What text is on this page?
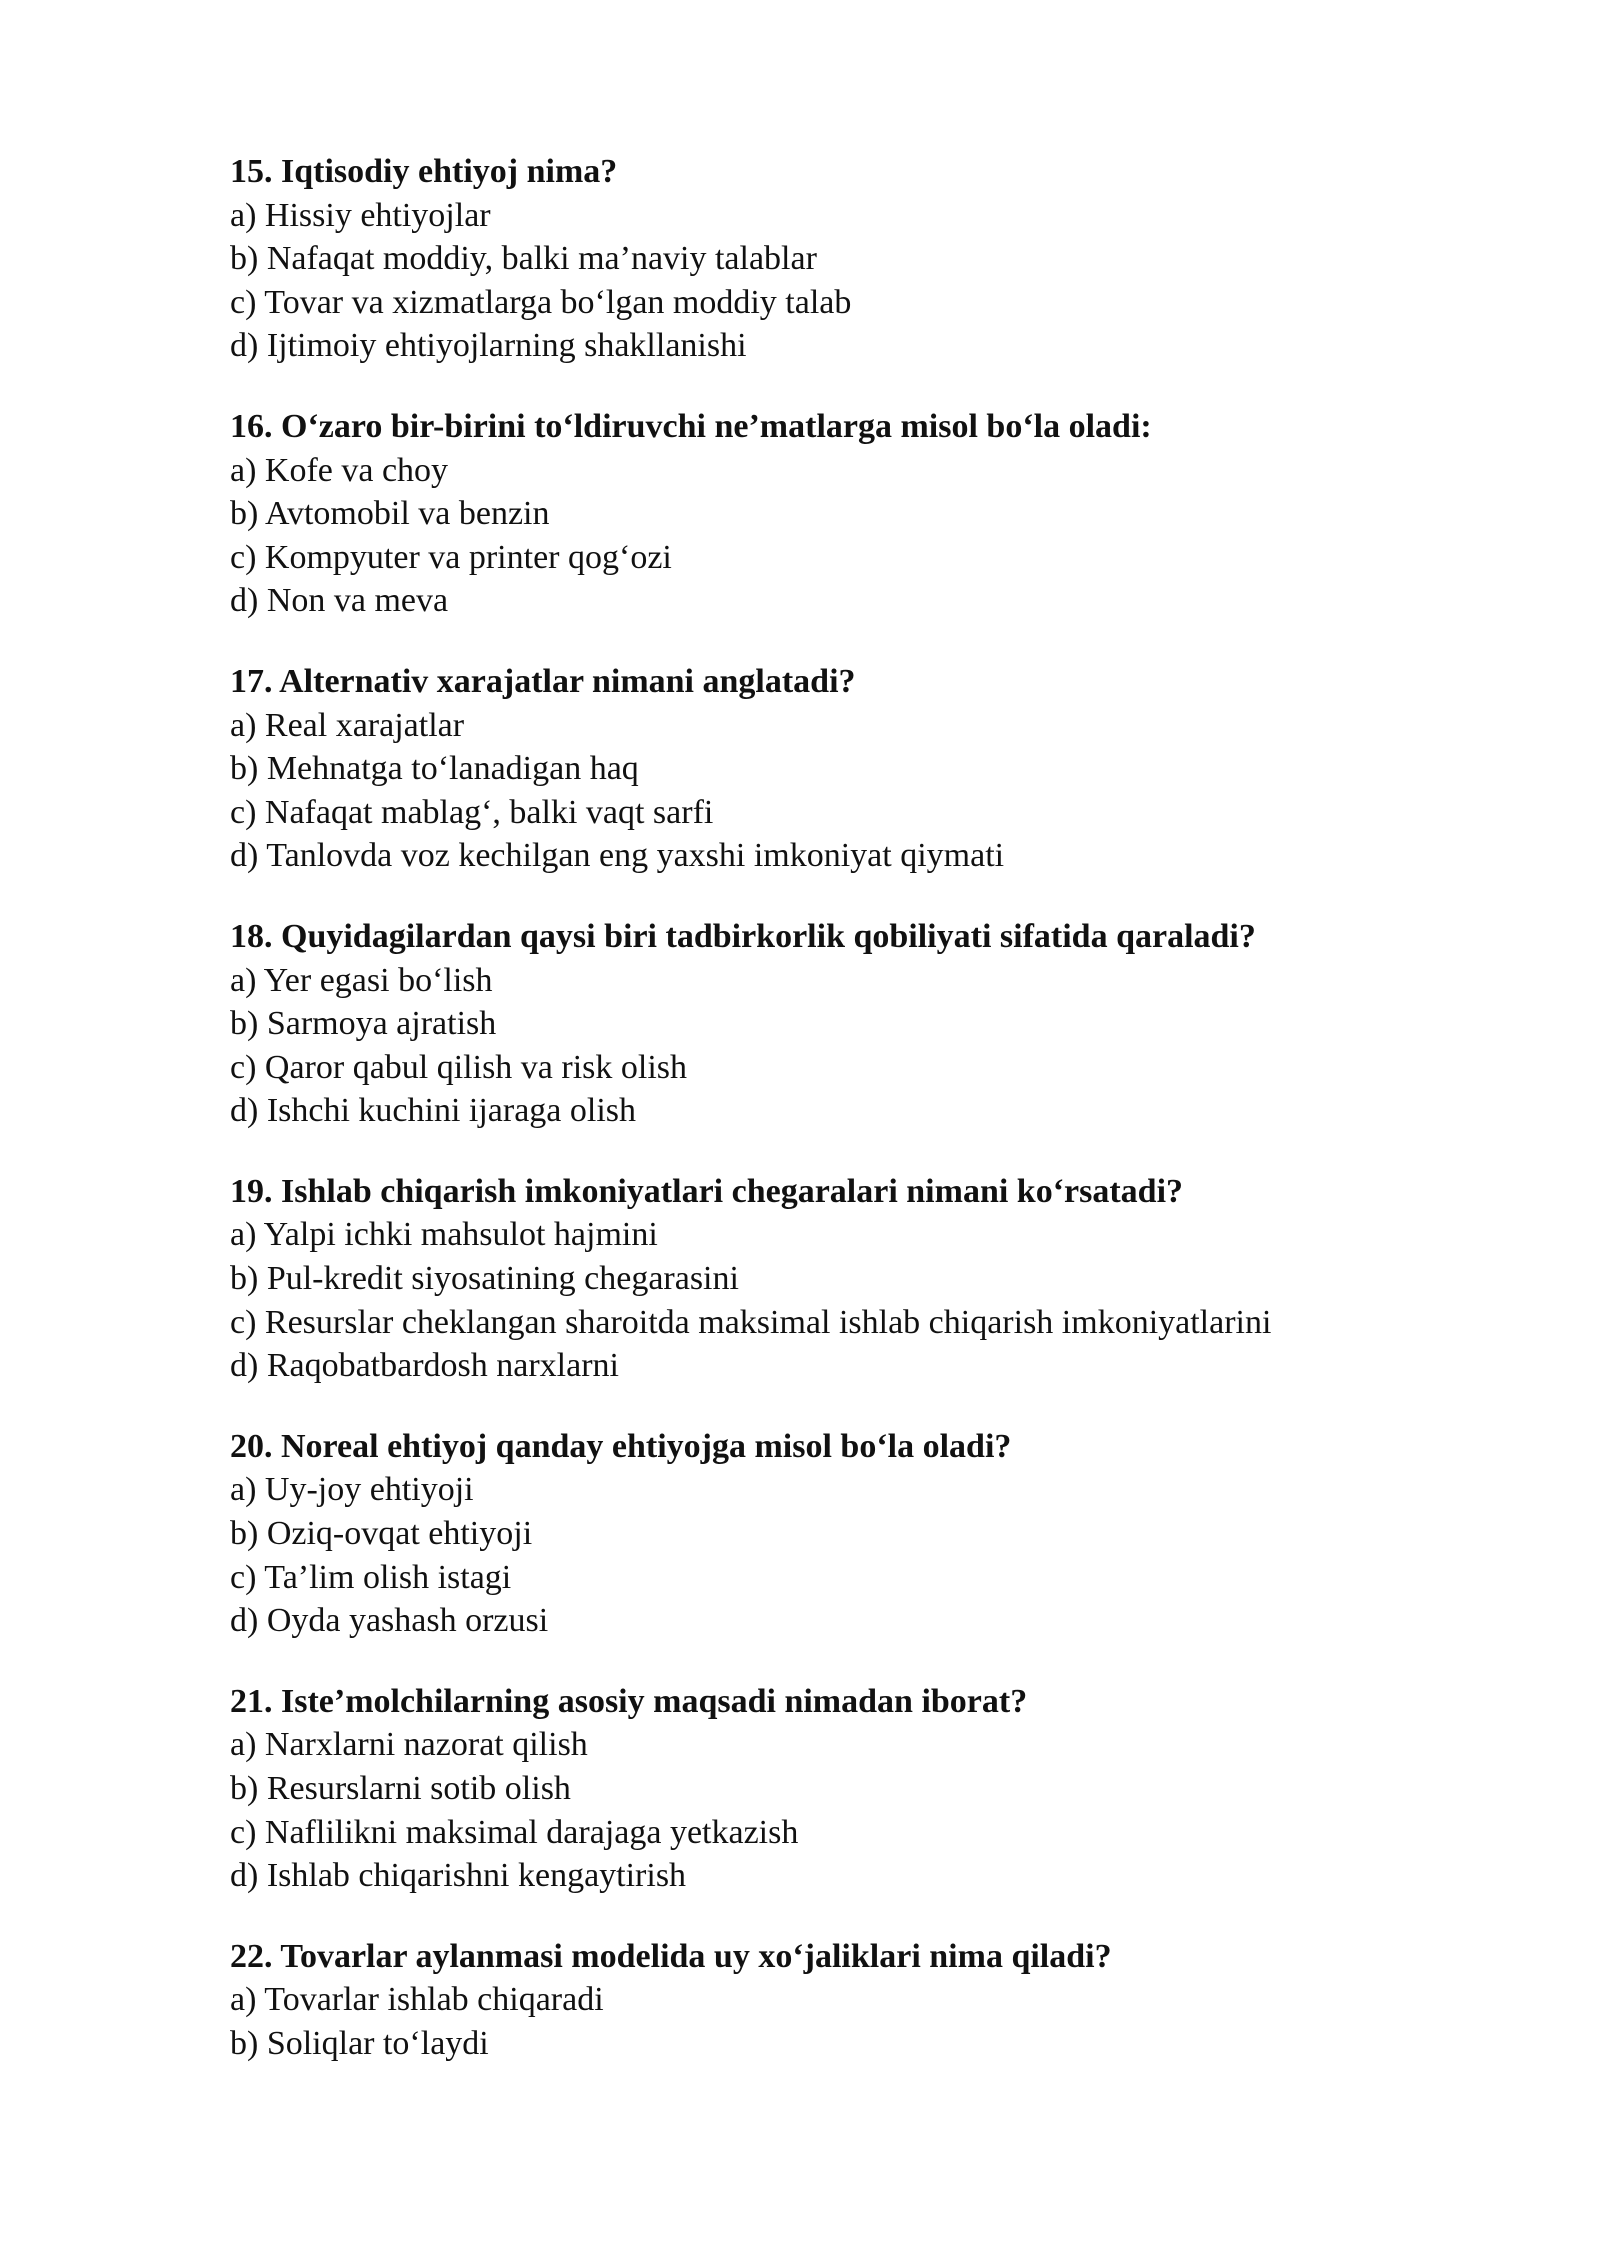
15. Iqtisodiy ehtiyoj nima?
a) Hissiy ehtiyojlar
b) Nafaqat moddiy, balki ma’naviy talablar
c) Tovar va xizmatlarga bo‘lgan moddiy talab
d) Ijtimoiy ehtiyojlarning shakllanishi
16. O‘zaro bir-birini to‘ldiruvchi ne’matlarga misol bo‘la oladi:
a) Kofe va choy
b) Avtomobil va benzin
c) Kompyuter va printer qog‘ozi
d) Non va meva
17. Alternativ xarajatlar nimani anglatadi?
a) Real xarajatlar
b) Mehnatga to‘lanadigan haq
c) Nafaqat mablag‘, balki vaqt sarfi
d) Tanlovda voz kechilgan eng yaxshi imkoniyat qiymati
18. Quyidagilardan qaysi biri tadbirkorlik qobiliyati sifatida qaraladi?
a) Yer egasi bo‘lish
b) Sarmoya ajratish
c) Qaror qabul qilish va risk olish
d) Ishchi kuchini ijaraga olish
19. Ishlab chiqarish imkoniyatlari chegaralari nimani ko‘rsatadi?
a) Yalpi ichki mahsulot hajmini
b) Pul-kredit siyosatining chegarasini
c) Resurslar cheklangan sharoitda maksimal ishlab chiqarish imkoniyatlarini
d) Raqobatbardosh narxlarni
20. Noreal ehtiyoj qanday ehtiyojga misol bo‘la oladi?
a) Uy-joy ehtiyoji
b) Oziq-ovqat ehtiyoji
c) Ta’lim olish istagi
d) Oyda yashash orzusi
21. Iste’molchilarning asosiy maqsadi nimadan iborat?
a) Narxlarni nazorat qilish
b) Resurslarni sotib olish
c) Naflilikni maksimal darajaga yetkazish
d) Ishlab chiqarishni kengaytirish
22. Tovarlar aylanmasi modelida uy xo‘jaliklari nima qiladi?
a) Tovarlar ishlab chiqaradi
b) Soliqlar to‘laydi
